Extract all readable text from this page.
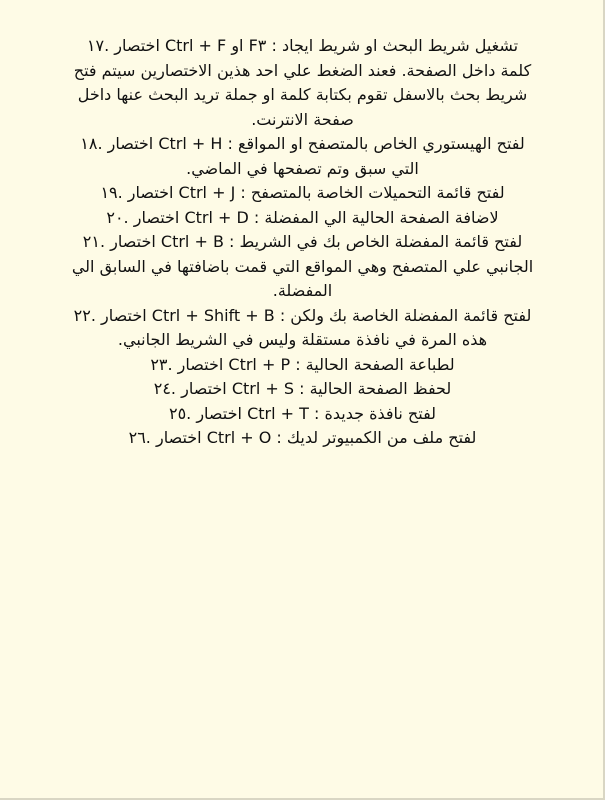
تشغيل شريط البحث او شريط ايجاد : F٣ او Ctrl + F اختصار .١٧
كلمة داخل الصفحة. فعند الضغط علي احد هذين الاختصارين سيتم فتح
شريط بحث بالاسفل تقوم بكتابة كلمة او جملة تريد البحث عنها داخل
صفحة الانترنت.
لفتح الهيستوري الخاص بالمتصفح او المواقع : Ctrl + H اختصار .١٨
التي سبق وتم تصفحها في الماضي.
لفتح قائمة التحميلات الخاصة بالمتصفح : Ctrl + J اختصار .١٩
لاضافة الصفحة الحالية الي المفضلة : Ctrl + D اختصار .٢٠
لفتح قائمة المفضلة الخاص بك في الشريط : Ctrl + B اختصار .٢١
الجانبي علي المتصفح وهي المواقع التي قمت باضافتها في السابق الي
المفضلة.
لفتح قائمة المفضلة الخاصة بك ولكن : Ctrl + Shift + B اختصار .٢٢
هذه المرة في نافذة مستقلة وليس في الشريط الجانبي.
لطباعة الصفحة الحالية : Ctrl + P اختصار .٢٣
لحفظ الصفحة الحالية : Ctrl + S اختصار .٢٤
لفتح نافذة جديدة : Ctrl + T اختصار .٢٥
لفتح ملف من الكمبيوتر لديك : Ctrl + O اختصار .٢٦
